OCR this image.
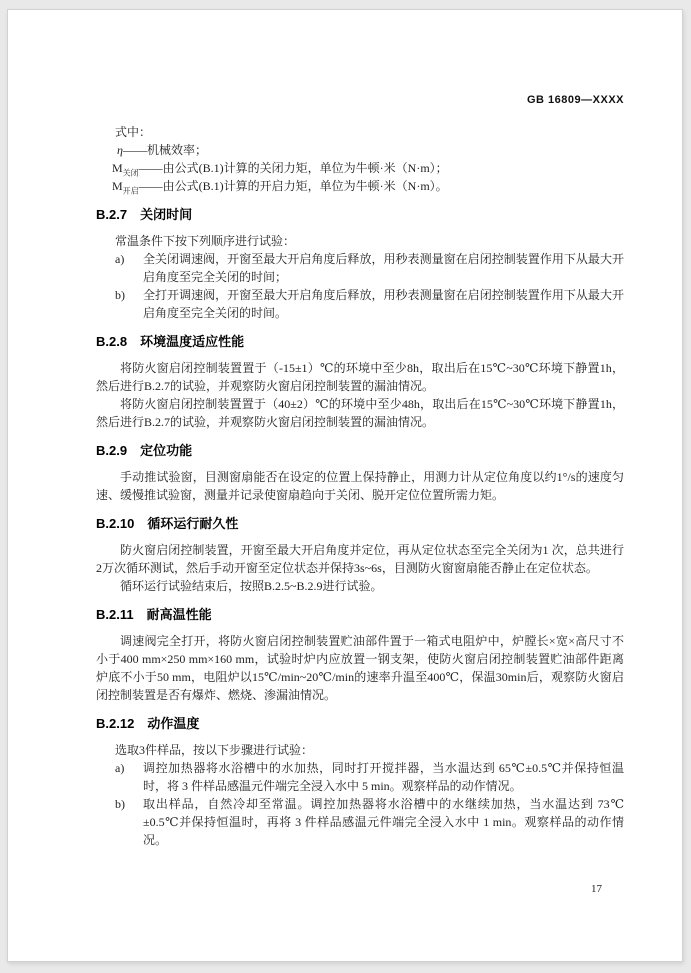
GB 16809—XXXX
式中：
η——机械效率；
$M_{关闭}——$由公式(B.1)计算的关闭力矩，单位为牛顿·米（N·m）；
$M_{开启}——$由公式(B.1)计算的开启力矩，单位为牛顿·米（N·m）。
B.2.7 关闭时间
常温条件下按下列顺序进行试验：
a)	全关闭调速阀，开窗至最大开启角度后释放，用秒表测量窗在启闭控制装置作用下从最大开启角度至完全关闭的时间；
b)	全打开调速阀，开窗至最大开启角度后释放，用秒表测量窗在启闭控制装置作用下从最大开启角度至完全关闭的时间。
B.2.8 环境温度适应性能
将防火窗启闭控制装置置于（-15±1）℃的环境中至少8h，取出后在15℃~30℃环境下静置1h，然后进行B.2.7的试验，并观察防火窗启闭控制装置的漏油情况。
将防火窗启闭控制装置置于（40±2）℃的环境中至少48h，取出后在15℃~30℃环境下静置1h，然后进行B.2.7的试验，并观察防火窗启闭控制装置的漏油情况。
B.2.9 定位功能
手动推试验窗，目测窗扇能否在设定的位置上保持静止，用测力计从定位角度以约1°/s的速度匀速、缓慢推试验窗，测量并记录使窗扇趋向于关闭、脱开定位位置所需力矩。
B.2.10 循环运行耐久性
防火窗启闭控制装置，开窗至最大开启角度并定位，再从定位状态至完全关闭为1 次，总共进行2万次循环测试，然后手动开窗至定位状态并保持3s~6s，目测防火窗窗扇能否静止在定位状态。
循环运行试验结束后，按照B.2.5~B.2.9进行试验。
B.2.11 耐高温性能
调速阀完全打开，将防火窗启闭控制装置贮油部件置于一箱式电阻炉中，炉膛长×宽×高尺寸不小于400 mm×250 mm×160 mm，试验时炉内应放置一钢支架，使防火窗启闭控制装置贮油部件距离炉底不小于50 mm，电阻炉以15℃/min~20℃/min的速率升温至400℃，保温30min后，观察防火窗启闭控制装置是否有爆炸、燃烧、渗漏油情况。
B.2.12 动作温度
选取3件样品，按以下步骤进行试验：
a)	调控加热器将水浴槽中的水加热，同时打开搅拌器，当水温达到 65℃±0.5℃并保持恒温时，将 3 件样品感温元件端完全浸入水中 5 min。观察样品的动作情况。
b)	取出样品，自然冷却至常温。调控加热器将水浴槽中的水继续加热，当水温达到 73℃±0.5℃并保持恒温时，再将 3 件样品感温元件端完全浸入水中 1 min。观察样品的动作情况。
17
